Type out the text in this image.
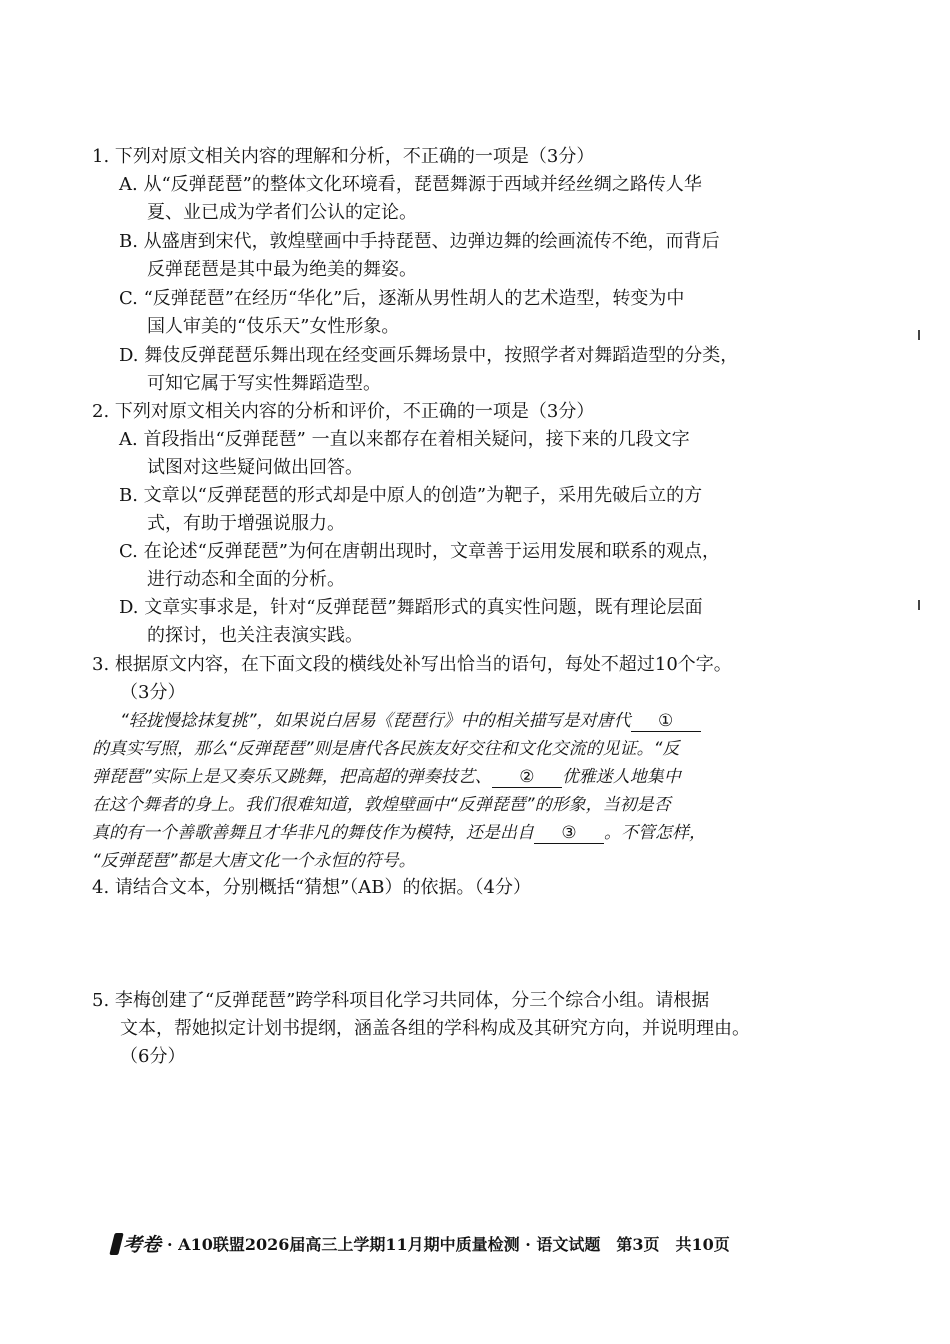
1. 下列对原文相关内容的理解和分析，不正确的一项是（3分）
A. 从“反弹琵琶”的整体文化环境看，琵琶舞源于西域并经丝绸之路传人华
夏、业已成为学者们公认的定论。
B. 从盛唐到宋代，敦煌壁画中手持琵琶、边弹边舞的绘画流传不绝，而背后
反弹琵琶是其中最为绝美的舞姿。
C. “反弹琵琶”在经历“华化”后，逐渐从男性胡人的艺术造型，转变为中
国人审美的“伎乐天”女性形象。
D. 舞伎反弹琵琶乐舞出现在经变画乐舞场景中，按照学者对舞蹈造型的分类，
可知它属于写实性舞蹈造型。
2. 下列对原文相关内容的分析和评价，不正确的一项是（3分）
A. 首段指出“反弹琵琶” 一直以来都存在着相关疑问，接下来的几段文字
试图对这些疑问做出回答。
B. 文章以“反弹琵琶的形式却是中原人的创造”为靶子，采用先破后立的方
式，有助于增强说服力。
C. 在论述“反弹琵琶”为何在唐朝出现时，文章善于运用发展和联系的观点，
进行动态和全面的分析。
D. 文章实事求是，针对“反弹琵琶”舞蹈形式的真实性问题，既有理论层面
的探讨，也关注表演实践。
3. 根据原文内容，在下面文段的横线处补写出恰当的语句，每处不超过10个字。
（3分）
“轻拢慢捻抹复挑”，如果说白居易《琵琶行》中的相关描写是对唐代 ①
的真实写照，那么“反弹琵琶”则是唐代各民族友好交往和文化交流的见证。“反
弹琵琶”实际上是又奏乐又跳舞，把高超的弹奏技艺、 ② 优雅迷人地集中
在这个舞者的身上。我们很难知道，敦煌壁画中“反弹琵琶”的形象，当初是否
真的有一个善歌善舞且才华非凡的舞伎作为模特，还是出自 ③ 。不管怎样，
“反弹琵琶”都是大唐文化一个永恒的符号。
4. 请结合文本，分别概括“猜想”（AB）的依据。（4分）
5. 李梅创建了“反弹琵琶”跨学科项目化学习共同体，分三个综合小组。请根据
文本，帮她拟定计划书提纲，涵盖各组的学科构成及其研究方向，并说明理由。
（6分）
考卷 · A10联盟2026届高三上学期11月期中质量检测 · 语文试题　第3页　共10页
